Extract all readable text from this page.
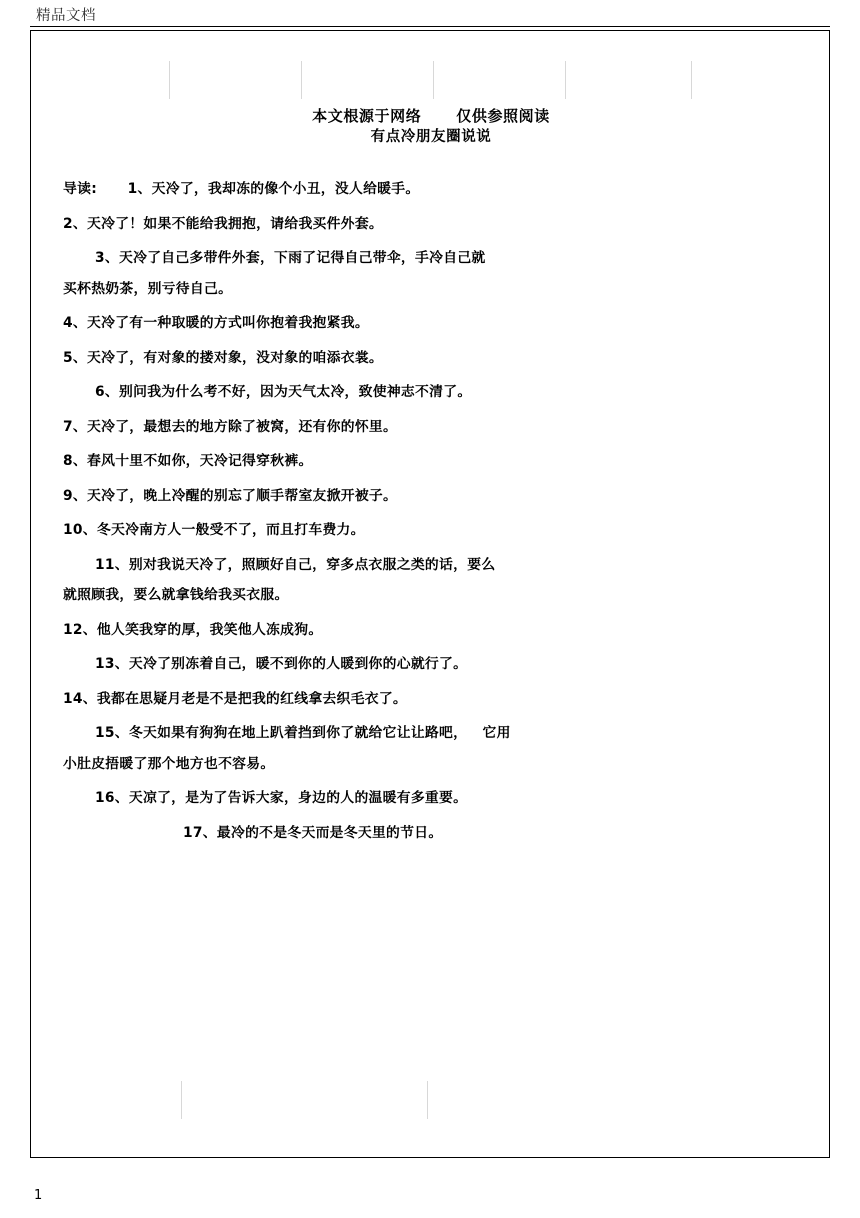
精品文档
本文根源于网络      仅供参照阅读
有点冷朋友圈说说

导读:      1、天冷了，我却冻的像个小丑，没人给暖手。

2、天冷了！如果不能给我拥抱，请给我买件外套。

3、天冷了自己多带件外套，下雨了记得自己带伞，手冷自己就

买杯热奶茶，别亏待自己。

4、天冷了有一种取暖的方式叫你抱着我抱紧我。

5、天冷了，有对象的搂对象，没对象的咱添衣裳。

6、别问我为什么考不好，因为天气太冷，致使神志不清了。

7、天冷了，最想去的地方除了被窝，还有你的怀里。

8、春风十里不如你，天冷记得穿秋裤。

9、天冷了，晚上冷醒的别忘了顺手帮室友掀开被子。

10、冬天冷南方人一般受不了，而且打车费力。

11、别对我说天冷了，照顾好自己，穿多点衣服之类的话，要么

就照顾我，要么就拿钱给我买衣服。

12、他人笑我穿的厚，我笑他人冻成狗。

13、天冷了别冻着自己，暖不到你的人暖到你的心就行了。

14、我都在思疑月老是不是把我的红线拿去织毛衣了。

15、冬天如果有狗狗在地上趴着挡到你了就给它让让路吧，   它用

小肚皮捂暖了那个地方也不容易。

16、天凉了，是为了告诉大家，身边的人的温暖有多重要。

17、最冷的不是冬天而是冬天里的节日。

1
